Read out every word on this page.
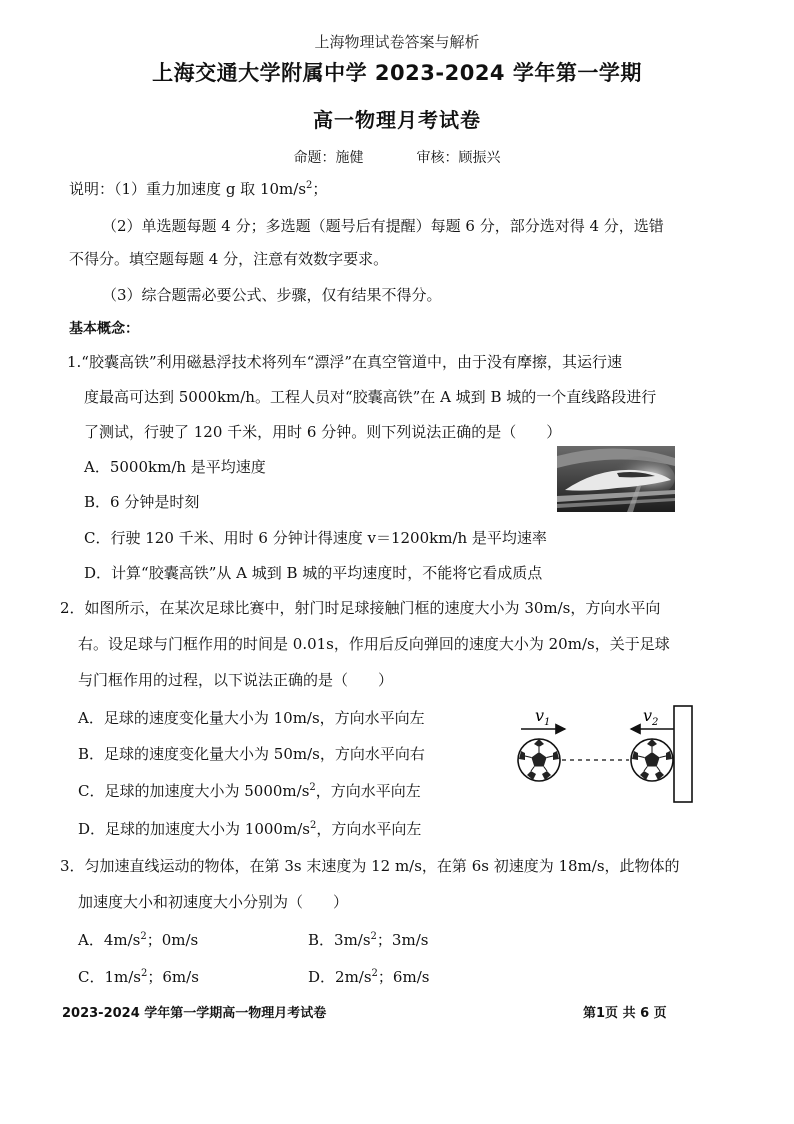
上海物理试卷答案与解析
上海交通大学附属中学 2023-2024 学年第一学期
高一物理月考试卷
命题：施健	审核：顾振兴
说明：（1）重力加速度 g 取 $10m/s^2$；
（2）单选题每题 4 分；多选题（题号后有提醒）每题 6 分，部分选对得 4 分，选错
不得分。填空题每题 4 分，注意有效数字要求。
（3）综合题需必要公式、步骤，仅有结果不得分。
基本概念：
1.“胶囊高铁”利用磁悬浮技术将列车“漂浮”在真空管道中，由于没有摩擦，其运行速
度最高可达到 5000km/h。工程人员对“胶囊高铁”在 A 城到 B 城的一个直线路段进行
了测试，行驶了 120 千米，用时 6 分钟。则下列说法正确的是（　　）
A．5000km/h 是平均速度
B．6 分钟是时刻
C．行驶 120 千米、用时 6 分钟计得速度 v＝1200km/h 是平均速率
D．计算“胶囊高铁”从 A 城到 B 城的平均速度时，不能将它看成质点
2．如图所示，在某次足球比赛中，射门时足球接触门框的速度大小为 30m/s，方向水平向
右。设足球与门框作用的时间是 0.01s，作用后反向弹回的速度大小为 20m/s，关于足球
与门框作用的过程，以下说法正确的是（　　）
A．足球的速度变化量大小为 10m/s，方向水平向左
B．足球的速度变化量大小为 50m/s，方向水平向右
C．足球的加速度大小为 $5000m/s^2$，方向水平向左
D．足球的加速度大小为 $1000m/s^2$，方向水平向左
$v_1$	$v_2$
3．匀加速直线运动的物体，在第 3s 末速度为 12 m/s，在第 6s 初速度为 18m/s，此物体的
加速度大小和初速度大小分别为（　　）
A．$4m/s^2$；0m/s	B．$3m/s^2$；3m/s
C．$1m/s^2$；6m/s	D．$2m/s^2$；6m/s
2023-2024 学年第一学期高一物理月考试卷	第1页 共 6 页
